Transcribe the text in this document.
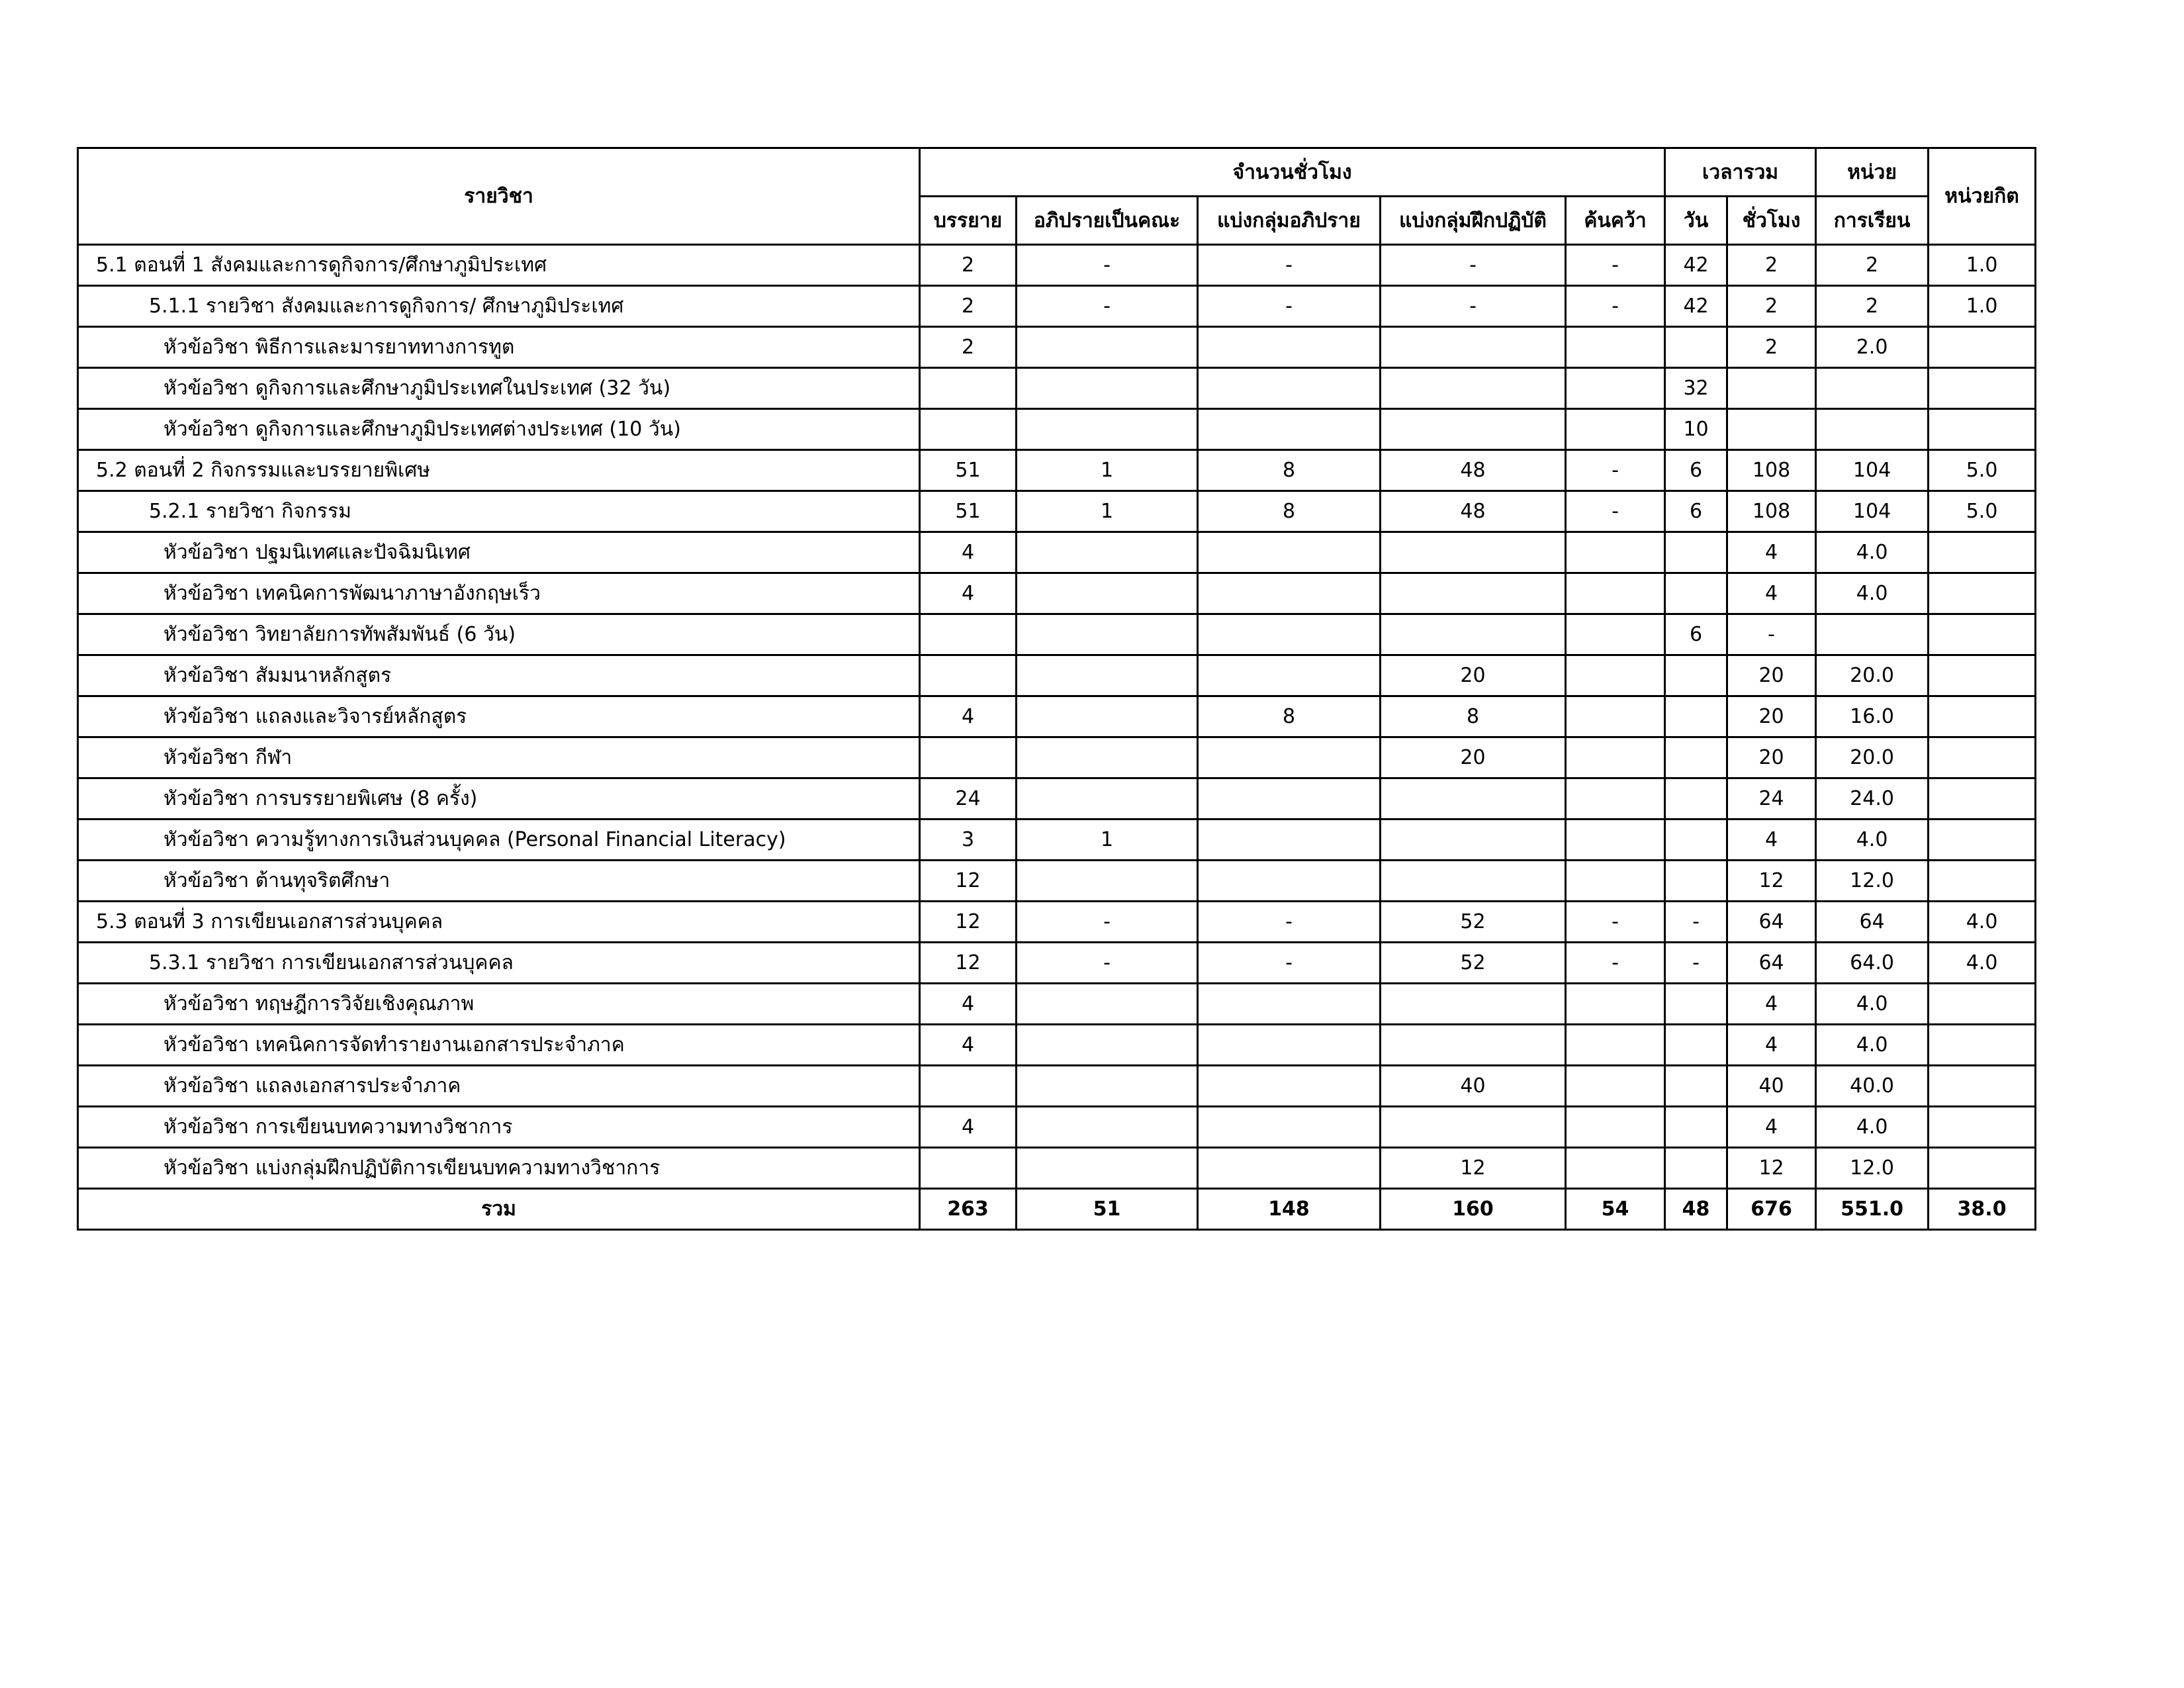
รายวิชา	จำนวนชั่วโมง					เวลารวม		หน่วย	หน่วยกิต
	บรรยาย	อภิปรายเป็นคณะ	แบ่งกลุ่มอภิปราย	แบ่งกลุ่มฝึกปฏิบัติ	ค้นคว้า	วัน	ชั่วโมง	การเรียน	
5.1 ตอนที่ 1 สังคมและการดูกิจการ/ศึกษาภูมิประเทศ	2	-	-	-	-	42	2	2	1.0
5.1.1 รายวิชา สังคมและการดูกิจการ/ ศึกษาภูมิประเทศ	2	-	-	-	-	42	2	2	1.0
หัวข้อวิชา พิธีการและมารยาททางการทูต	2						2	2.0	
หัวข้อวิชา ดูกิจการและศึกษาภูมิประเทศในประเทศ (32 วัน)						32			
หัวข้อวิชา ดูกิจการและศึกษาภูมิประเทศต่างประเทศ (10 วัน)						10			
5.2 ตอนที่ 2 กิจกรรมและบรรยายพิเศษ	51	1	8	48	-	6	108	104	5.0
5.2.1 รายวิชา กิจกรรม	51	1	8	48	-	6	108	104	5.0
หัวข้อวิชา ปฐมนิเทศและปัจฉิมนิเทศ	4						4	4.0	
หัวข้อวิชา เทคนิคการพัฒนาภาษาอังกฤษเร็ว	4						4	4.0	
หัวข้อวิชา วิทยาลัยการทัพสัมพันธ์ (6 วัน)						6	-		
หัวข้อวิชา สัมมนาหลักสูตร				20			20	20.0	
หัวข้อวิชา แถลงและวิจารย์หลักสูตร	4		8	8			20	16.0	
หัวข้อวิชา กีฬา				20			20	20.0	
หัวข้อวิชา การบรรยายพิเศษ (8 ครั้ง)	24						24	24.0	
หัวข้อวิชา ความรู้ทางการเงินส่วนบุคคล (Personal Financial Literacy)	3	1					4	4.0	
หัวข้อวิชา ต้านทุจริตศึกษา	12						12	12.0	
5.3 ตอนที่ 3 การเขียนเอกสารส่วนบุคคล	12	-	-	52	-	-	64	64	4.0
5.3.1 รายวิชา การเขียนเอกสารส่วนบุคคล	12	-	-	52	-	-	64	64.0	4.0
หัวข้อวิชา ทฤษฎีการวิจัยเชิงคุณภาพ	4						4	4.0	
หัวข้อวิชา เทคนิคการจัดทำรายงานเอกสารประจำภาค	4						4	4.0	
หัวข้อวิชา แถลงเอกสารประจำภาค				40			40	40.0	
หัวข้อวิชา การเขียนบทความทางวิชาการ	4						4	4.0	
หัวข้อวิชา แบ่งกลุ่มฝึกปฏิบัติการเขียนบทความทางวิชาการ				12			12	12.0	
รวม	263	51	148	160	54	48	676	551.0	38.0
